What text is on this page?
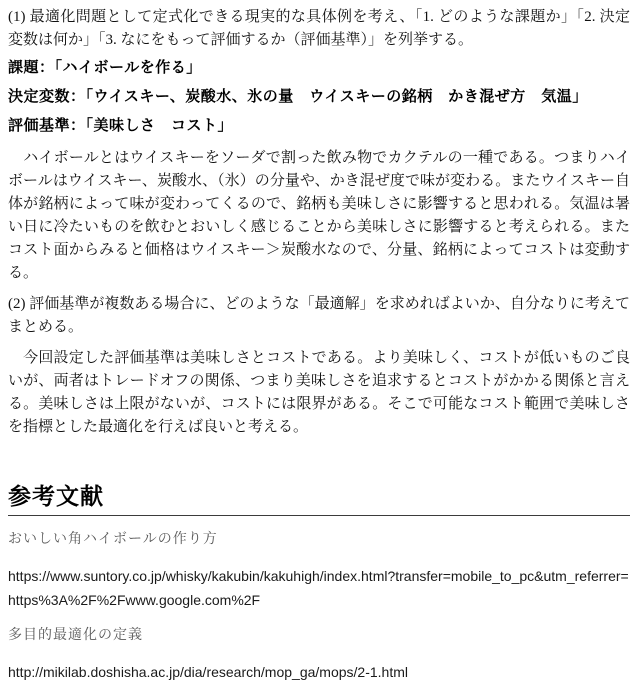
(1) 最適化問題として定式化できる現実的な具体例を考え、「1. どのような課題か」「2. 決定変数は何か」「3. なにをもって評価するか（評価基準）」を列挙する。

課題：「ハイボールを作る」

決定変数：「ウイスキー、炭酸水、氷の量　ウイスキーの銘柄　かき混ぜ方　気温」

評価基準：「美味しさ　コスト」

　ハイボールとはウイスキーをソーダで割った飲み物でカクテルの一種である。つまりハイボールはウイスキー、炭酸水、（氷）の分量や、かき混ぜ度で味が変わる。またウイスキー自体が銘柄によって味が変わってくるので、銘柄も美味しさに影響すると思われる。気温は暑い日に冷たいものを飲むとおいしく感じることから美味しさに影響すると考えられる。またコスト面からみると価格はウイスキー＞炭酸水なので、分量、銘柄によってコストは変動する。

(2) 評価基準が複数ある場合に、どのような「最適解」を求めればよいか、自分なりに考えてまとめる。

　今回設定した評価基準は美味しさとコストである。より美味しく、コストが低いものご良いが、両者はトレードオフの関係、つまり美味しさを追求するとコストがかかる関係と言える。美味しさは上限がないが、コストには限界がある。そこで可能なコスト範囲で美味しさを指標とした最適化を行えば良いと考える。

参考文献

おいしい角ハイボールの作り方

https://www.suntory.co.jp/whisky/kakubin/kakuhigh/index.html?transfer=mobile_to_pc&utm_referrer=https%3A%2F%2Fwww.google.com%2F

多目的最適化の定義

http://mikilab.doshisha.ac.jp/dia/research/mop_ga/mops/2-1.html
